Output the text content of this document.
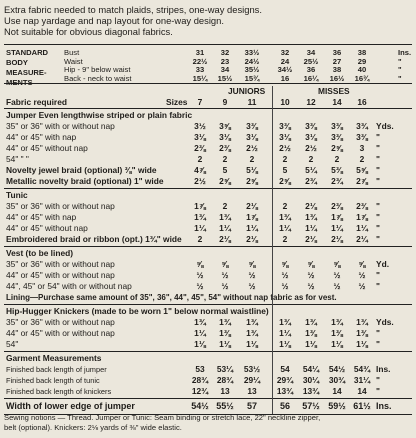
Extra fabric needed to match plaids, stripes, one-way designs.
Use nap yardage and nap layout for one-way design.
Not suitable for obvious diagonal fabrics.
STANDARD
BODY
MEASURE-
MENTS
Bust	31	32	33½	32	34	36	38	Ins.
Waist	22½	23	24½	24	25½	27	29	"
Hip - 9" below waist	33	34	35½	34½	36	38	40	"
Back - neck to waist	15¼	15½	15¾	16	16¼	16½	16¾	"
JUNIORS	MISSES
Fabric required	Sizes	7	9	11	10	12	14	16
Jumper Even lengthwise striped or plain fabric
35" or 36" with or without nap	3½	3⅝	3⅜	3⅜	3⅜	3⅜	3¾ Yds.
44" or 45" with nap	3⅛	3⅛	3⅛	3⅛	3⅛	3⅜	3⅜ "
44" or 45" without nap	2⅜	2⅜	2½	2½	2½	2⅝	3	"
54" " "	2	2	2	2	2	2	2	"
Novelty jewel braid (optional) ⅜" wide	4⅞	5	5⅛	5	5¼	5⅜	5⅝ "
Metallic novelty braid (optional) 1" wide	2½	2⅝	2⅝	2⅝	2¾	2¾	2⅞ "
Tunic
35" or 36" with or without nap	1⅞	2	2⅛	2	2⅛	2⅜	2⅜ "
44" or 45" with nap	1¾	1¾	1⅞	1¾	1¾	1⅞	1⅞ "
44" or 45" without nap	1¼	1¼	1¼	1¼	1¼	1¼	1¼ "
Embroidered braid or ribbon (opt.) 1¾" wide	2	2⅛	2⅛	2	2⅛	2⅛	2¼ "
Vest (to be lined)
35" or 36" with or without nap	⅝	⅝	⅝	⅝	⅝	⅝	⅝	Yd.
44" or 45" with or without nap	½	½	½	½	½	½	½	"
44", 45" or 54" with or without nap	½	½	½	½	½	½	½	"
Lining—Purchase same amount of 35", 36", 44", 45", 54" without nap fabric as for vest.
Hip-Hugger Knickers (made to be worn 1" below normal waistline)
35" or 36" with or without nap	1¾	1¾	1¾	1¾	1¾	1¾	1¾ Yds.
44" or 45" with or without nap	1¼	1⅜	1¾	1¼	1⅜	1⅜	1⅜ "
54"	1⅛	1⅛	1⅛	1⅛	1⅛	1⅛	1⅛ "
Garment Measurements
Finished back length of jumper	53	53¼	53½	54	54¼	54½	54¾ Ins.
Finished back length of tunic	28¾	28¾	29¼	29¾	30¼	30¾	31¼ "
Finished back length of knickers	12¾	13	13	13¾	13¾	14	14	"
Width of lower edge of jumper	54½ 55½	57	56	57½ 59½ 61½ Ins.
Sewing notions — Thread. Jumper or Tunic: Seam binding or stretch lace, 22" neckline zipper,
belt (optional). Knickers: 2⅛ yards of ⅜" wide elastic.
